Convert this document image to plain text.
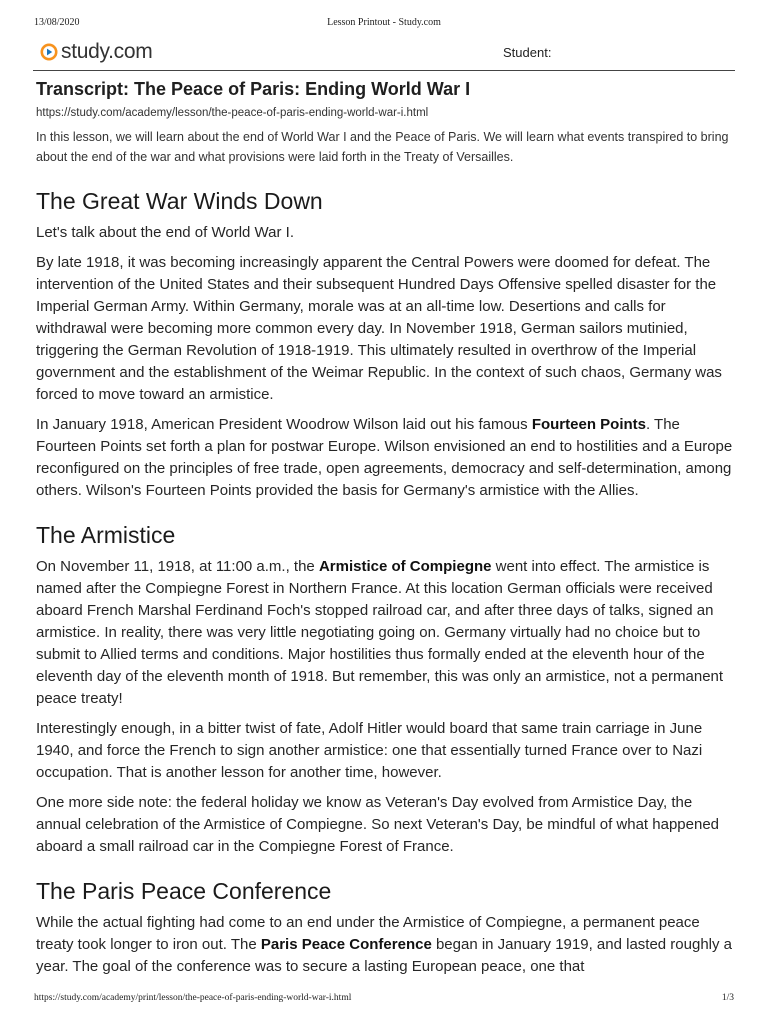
13/08/2020	Lesson Printout - Study.com
study.com	Student:
Transcript: The Peace of Paris: Ending World War I
https://study.com/academy/lesson/the-peace-of-paris-ending-world-war-i.html
In this lesson, we will learn about the end of World War I and the Peace of Paris. We will learn what events transpired to bring about the end of the war and what provisions were laid forth in the Treaty of Versailles.
The Great War Winds Down

Let's talk about the end of World War I.

By late 1918, it was becoming increasingly apparent the Central Powers were doomed for defeat. The intervention of the United States and their subsequent Hundred Days Offensive spelled disaster for the Imperial German Army. Within Germany, morale was at an all-time low. Desertions and calls for withdrawal were becoming more common every day. In November 1918, German sailors mutinied, triggering the German Revolution of 1918-1919. This ultimately resulted in overthrow of the Imperial government and the establishment of the Weimar Republic. In the context of such chaos, Germany was forced to move toward an armistice.

In January 1918, American President Woodrow Wilson laid out his famous Fourteen Points. The Fourteen Points set forth a plan for postwar Europe. Wilson envisioned an end to hostilities and a Europe reconfigured on the principles of free trade, open agreements, democracy and self-determination, among others. Wilson's Fourteen Points provided the basis for Germany's armistice with the Allies.

The Armistice

On November 11, 1918, at 11:00 a.m., the Armistice of Compiegne went into effect. The armistice is named after the Compiegne Forest in Northern France. At this location German officials were received aboard French Marshal Ferdinand Foch's stopped railroad car, and after three days of talks, signed an armistice. In reality, there was very little negotiating going on. Germany virtually had no choice but to submit to Allied terms and conditions. Major hostilities thus formally ended at the eleventh hour of the eleventh day of the eleventh month of 1918. But remember, this was only an armistice, not a permanent peace treaty!

Interestingly enough, in a bitter twist of fate, Adolf Hitler would board that same train carriage in June 1940, and force the French to sign another armistice: one that essentially turned France over to Nazi occupation. That is another lesson for another time, however.

One more side note: the federal holiday we know as Veteran's Day evolved from Armistice Day, the annual celebration of the Armistice of Compiegne. So next Veteran's Day, be mindful of what happened aboard a small railroad car in the Compiegne Forest of France.

The Paris Peace Conference

While the actual fighting had come to an end under the Armistice of Compiegne, a permanent peace treaty took longer to iron out. The Paris Peace Conference began in January 1919, and lasted roughly a year. The goal of the conference was to secure a lasting European peace, one that

https://study.com/academy/print/lesson/the-peace-of-paris-ending-world-war-i.html	1/3
